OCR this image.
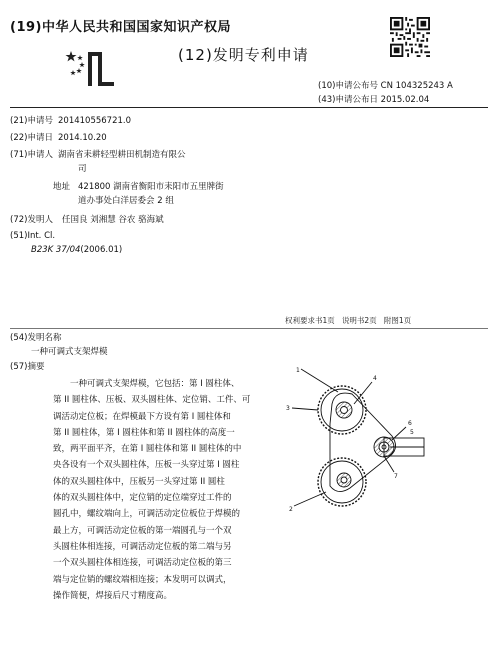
(19)中华人民共和国国家知识产权局
(12)发明专利申请
(10)申请公布号 CN 104325243 A
(43)申请公布日 2015.02.04
(21)申请号 201410556721.0
(22)申请日 2014.10.20
(71)申请人 湖南省耒耕轻型耕田机制造有限公
司
地址 421800 湖南省衡阳市耒阳市五里牌街
道办事处白洋居委会 2 组
(72)发明人 任国良 刘湘慧 谷农 骆海斌
(51)Int. Cl.
B23K 37/04(2006.01)
权利要求书1页 说明书2页 附图1页
(54)发明名称
一种可调式支架焊模
(57)摘要
一种可调式支架焊模，它包括：第 I 圆柱体、
第 II 圆柱体、压板、双头圆柱体、定位销、工件、可
调活动定位板；在焊模最下方设有第 I 圆柱体和
第 II 圆柱体，第 I 圆柱体和第 II 圆柱体的高度一
致，两平面平齐，在第 I 圆柱体和第 II 圆柱体的中
央各设有一个双头圆柱体，压板一头穿过第 I 圆柱
体的双头圆柱体中，压板另一头穿过第 II 圆柱
体的双头圆柱体中，定位销的定位端穿过工件的
圆孔中，螺纹端向上，可调活动定位板位于焊模的
最上方，可调活动定位板的第一端圆孔与一个双
头圆柱体相连接，可调活动定位板的第二端与另
一个双头圆柱体相连接，可调活动定位板的第三
端与定位销的螺纹端相连接；本发明可以调式，
操作简便，焊接后尺寸精度高。
1
2
3
4
5
6
7
